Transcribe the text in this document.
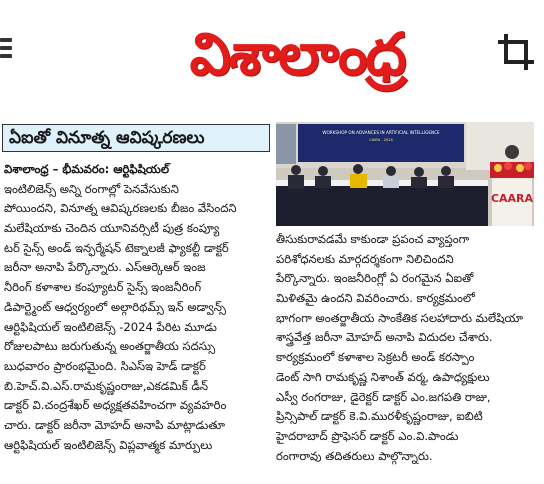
విశాలాంధ్ర
ఏఐతో వినూత్న ఆవిష్కరణలు	WORKSHOP ON ADVANCES IN ARTIFICIAL INTELLIGENCE
CAIRA - 2024
CAARA
విశాలాంధ్ర – భీమవరం: ఆర్టిఫిషియల్
ఇంటిలిజెన్స్ అన్ని రంగాల్లో పెనవేసుకుని
పోయిందని, వినూత్న ఆవిష్కరణలకు బీజం వేసిందని
మలేషియాకు చెందిన యూనివర్సిటీ పుత్ర కంప్యూ
టర్ సైన్స్ అండ్ ఇన్ఫర్మేషన్ టెక్నాలజీ ఫ్యాకల్టీ డాక్టర్
జరీనా అనాపి పేర్కొన్నారు. ఎస్ఆర్కెఆర్ ఇంజ
నీరింగ్ కళాశాల కంప్యూటర్ సైన్స్ ఇంజనీరింగ్
డిపార్ట్మెంట్ ఆధ్వర్యంలో అల్గారిథమ్స్ ఇన్ అడ్వాన్స్
ఆర్టిఫిషియల్ ఇంటిలిజెన్స్ -2024 పేరిట మూడు
రోజులపాటు జరుగుతున్న అంతర్జాతీయ సదస్సు
బుధవారం ప్రారంభమైంది. సిఎస్ఇ హెడ్ డాక్టర్
బి.హెచ్.వి.ఎస్.రామకృష్ణంరాజు,ఎకడమిక్ డీన్
డాక్టర్ వి.చంద్రశేఖర్ అధ్యక్షతవహించగా వ్యవహరిం
చారు. డాక్టర్ జరీనా మోహద్ అనాపి మాట్లాడుతూ
ఆర్టిఫిషియల్ ఇంటిలిజెన్స్ విప్లవాత్మక మార్పులు
తీసుకురావడమే కాకుండా ప్రపంచ వ్యాప్తంగా
పరిశోధనలకు మార్గదర్శకంగా నిలిచిందని
పేర్కొన్నారు. ఇంజనీరింగ్లో ఏ రంగమైన ఏఐతో
మిళితమై ఉందని వివరించారు. కార్యక్రమంలో
భాగంగా అంతర్జాతీయ సాంకేతిక సలహాదారు మలేషియా
శాస్త్రవేత్త జరీనా మోహద్ అనాపి విదుదల చేశారు.
కార్యక్రమంలో కళాశాల సెక్రటరీ అండ్ కరస్పాం
డెంట్ సాగి రామకృష్ణ నిశాంత్ వర్మ, ఉపాధ్యక్షులు
ఎస్వీ రంగరాజు, డైరెక్టర్ డాక్టర్ ఎం.జగపతి రాజు,
ప్రిన్సిపాల్ డాక్టర్ కె.వి.మురళీకృష్ణంరాజు, ఐబిటి
హైదరాబాద్ ప్రొఫెసర్ డాక్టర్ ఎం.వి.పాండు
రంగారావు తదితరులు పాల్గొన్నారు.
